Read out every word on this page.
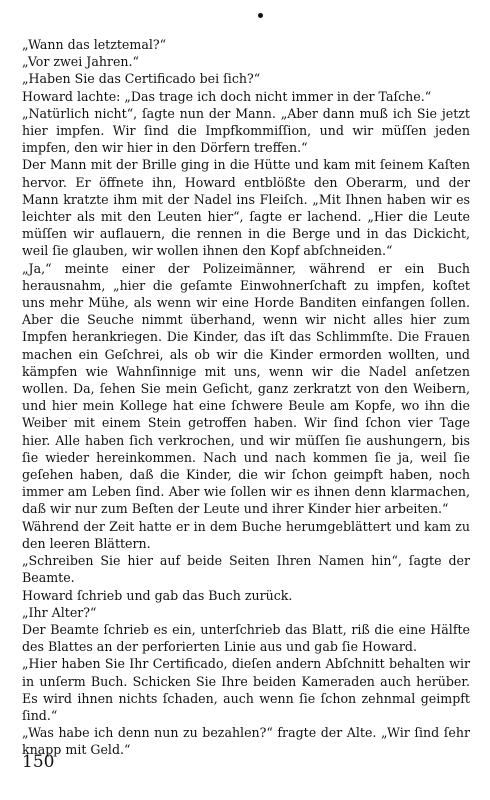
„Wann das letztemal?“

„Vor zwei Jahren.“

„Haben Sie das Certificado bei ſich?“

Howard lachte: „Das trage ich doch nicht immer in der Taſche.“

„Natürlich nicht“, ſagte nun der Mann. „Aber dann muß ich Sie jetzt hier impfen. Wir ſind die Impfkommiſſion, und wir müſſen jeden impfen, den wir hier in den Dörfern treffen.“

Der Mann mit der Brille ging in die Hütte und kam mit ſeinem Kaſten hervor. Er öffnete ihn, Howard entblößte den Oberarm, und der Mann kratzte ihm mit der Nadel ins Fleiſch. „Mit Ihnen haben wir es leichter als mit den Leuten hier“, ſagte er lachend. „Hier die Leute müſſen wir auflauern, die rennen in die Berge und in das Dickicht, weil ſie glauben, wir wollen ihnen den Kopf abſchneiden.“

„Ja,“ meinte einer der Polizeimänner, während er ein Buch herausnahm, „hier die geſamte Einwohnerſchaft zu impfen, koſtet uns mehr Mühe, als wenn wir eine Horde Banditen einfangen ſollen. Aber die Seuche nimmt überhand, wenn wir nicht alles hier zum Impfen herankriegen. Die Kinder, das iſt das Schlimmſte. Die Frauen machen ein Geſchrei, als ob wir die Kinder ermorden wollten, und kämpfen wie Wahnſinnige mit uns, wenn wir die Nadel anſetzen wollen. Da, ſehen Sie mein Geſicht, ganz zerkratzt von den Weibern, und hier mein Kollege hat eine ſchwere Beule am Kopfe, wo ihn die Weiber mit einem Stein getroffen haben. Wir ſind ſchon vier Tage hier. Alle haben ſich verkrochen, und wir müſſen ſie aushungern, bis ſie wieder hereinkommen. Nach und nach kommen ſie ja, weil ſie geſehen haben, daß die Kinder, die wir ſchon geimpft haben, noch immer am Leben ſind. Aber wie ſollen wir es ihnen denn klarmachen, daß wir nur zum Beſten der Leute und ihrer Kinder hier arbeiten.“

Während der Zeit hatte er in dem Buche herumgeblättert und kam zu den leeren Blättern.

„Schreiben Sie hier auf beide Seiten Ihren Namen hin“, ſagte der Beamte.

Howard ſchrieb und gab das Buch zurück.

„Ihr Alter?“

Der Beamte ſchrieb es ein, unterſchrieb das Blatt, riß die eine Hälfte des Blattes an der perforierten Linie aus und gab ſie Howard.

„Hier haben Sie Ihr Certificado, dieſen andern Abſchnitt behalten wir in unſerm Buch. Schicken Sie Ihre beiden Kameraden auch herüber. Es wird ihnen nichts ſchaden, auch wenn ſie ſchon zehnmal geimpft ſind.“

„Was habe ich denn nun zu bezahlen?“ fragte der Alte. „Wir ſind ſehr knapp mit Geld.“

150
